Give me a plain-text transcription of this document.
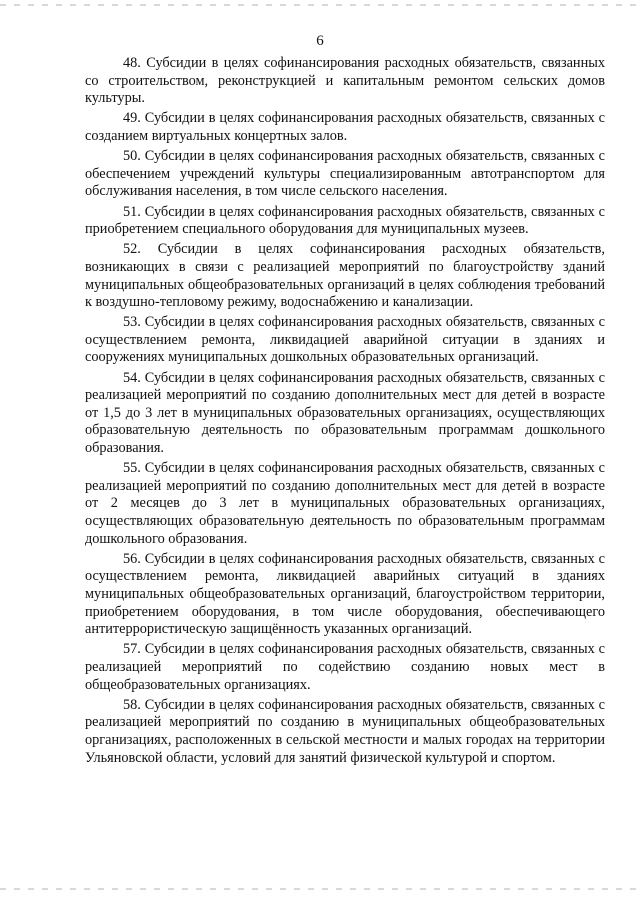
6

48. Субсидии в целях софинансирования расходных обязательств, связанных со строительством, реконструкцией и капитальным ремонтом сельских домов культуры.

49. Субсидии в целях софинансирования расходных обязательств, связанных с созданием виртуальных концертных залов.

50. Субсидии в целях софинансирования расходных обязательств, связанных с обеспечением учреждений культуры специализированным автотранспортом для обслуживания населения, в том числе сельского населения.

51. Субсидии в целях софинансирования расходных обязательств, связанных с приобретением специального оборудования для муниципальных музеев.

52. Субсидии в целях софинансирования расходных обязательств, возникающих в связи с реализацией мероприятий по благоустройству зданий муниципальных общеобразовательных организаций в целях соблюдения требований к воздушно-тепловому режиму, водоснабжению и канализации.

53. Субсидии в целях софинансирования расходных обязательств, связанных с осуществлением ремонта, ликвидацией аварийной ситуации в зданиях и сооружениях муниципальных дошкольных образовательных организаций.

54. Субсидии в целях софинансирования расходных обязательств, связанных с реализацией мероприятий по созданию дополнительных мест для детей в возрасте от 1,5 до 3 лет в муниципальных образовательных организациях, осуществляющих образовательную деятельность по образовательным программам дошкольного образования.

55. Субсидии в целях софинансирования расходных обязательств, связанных с реализацией мероприятий по созданию дополнительных мест для детей в возрасте от 2 месяцев до 3 лет в муниципальных образовательных организациях, осуществляющих образовательную деятельность по образовательным программам дошкольного образования.

56. Субсидии в целях софинансирования расходных обязательств, связанных с осуществлением ремонта, ликвидацией аварийных ситуаций в зданиях муниципальных общеобразовательных организаций, благоустройством территории, приобретением оборудования, в том числе оборудования, обеспечивающего антитеррористическую защищённость указанных организаций.

57. Субсидии в целях софинансирования расходных обязательств, связанных с реализацией мероприятий по содействию созданию новых мест в общеобразовательных организациях.

58. Субсидии в целях софинансирования расходных обязательств, связанных с реализацией мероприятий по созданию в муниципальных общеобразовательных организациях, расположенных в сельской местности и малых городах на территории Ульяновской области, условий для занятий физической культурой и спортом.
